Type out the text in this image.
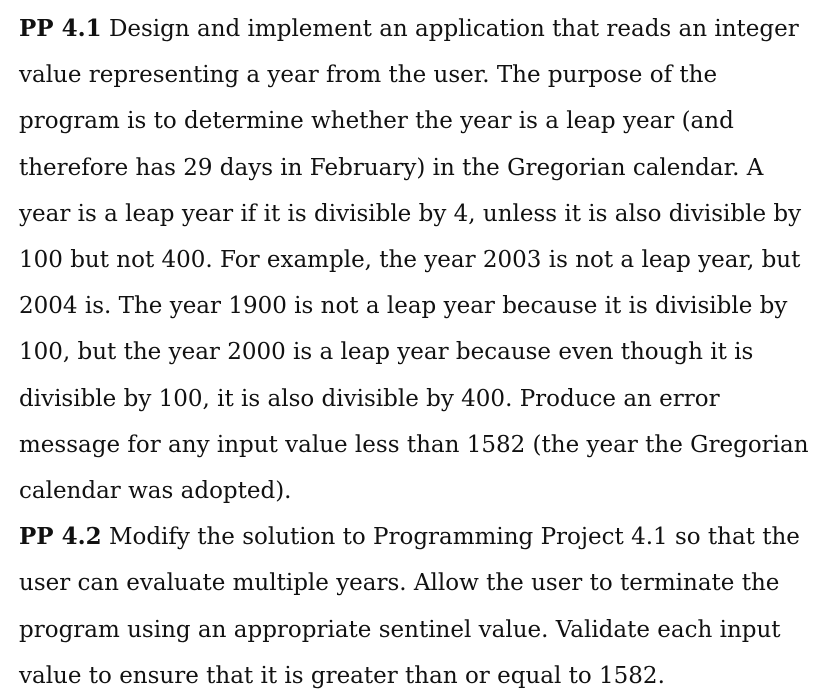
PP 4.1 Design and implement an application that reads an integer value representing a year from the user. The purpose of the program is to determine whether the year is a leap year (and therefore has 29 days in February) in the Gregorian calendar. A year is a leap year if it is divisible by 4, unless it is also divisible by 100 but not 400. For example, the year 2003 is not a leap year, but 2004 is. The year 1900 is not a leap year because it is divisible by 100, but the year 2000 is a leap year because even though it is divisible by 100, it is also divisible by 400. Produce an error message for any input value less than 1582 (the year the Gregorian calendar was adopted).

PP 4.2 Modify the solution to Programming Project 4.1 so that the user can evaluate multiple years. Allow the user to terminate the program using an appropriate sentinel value. Validate each input value to ensure that it is greater than or equal to 1582.
